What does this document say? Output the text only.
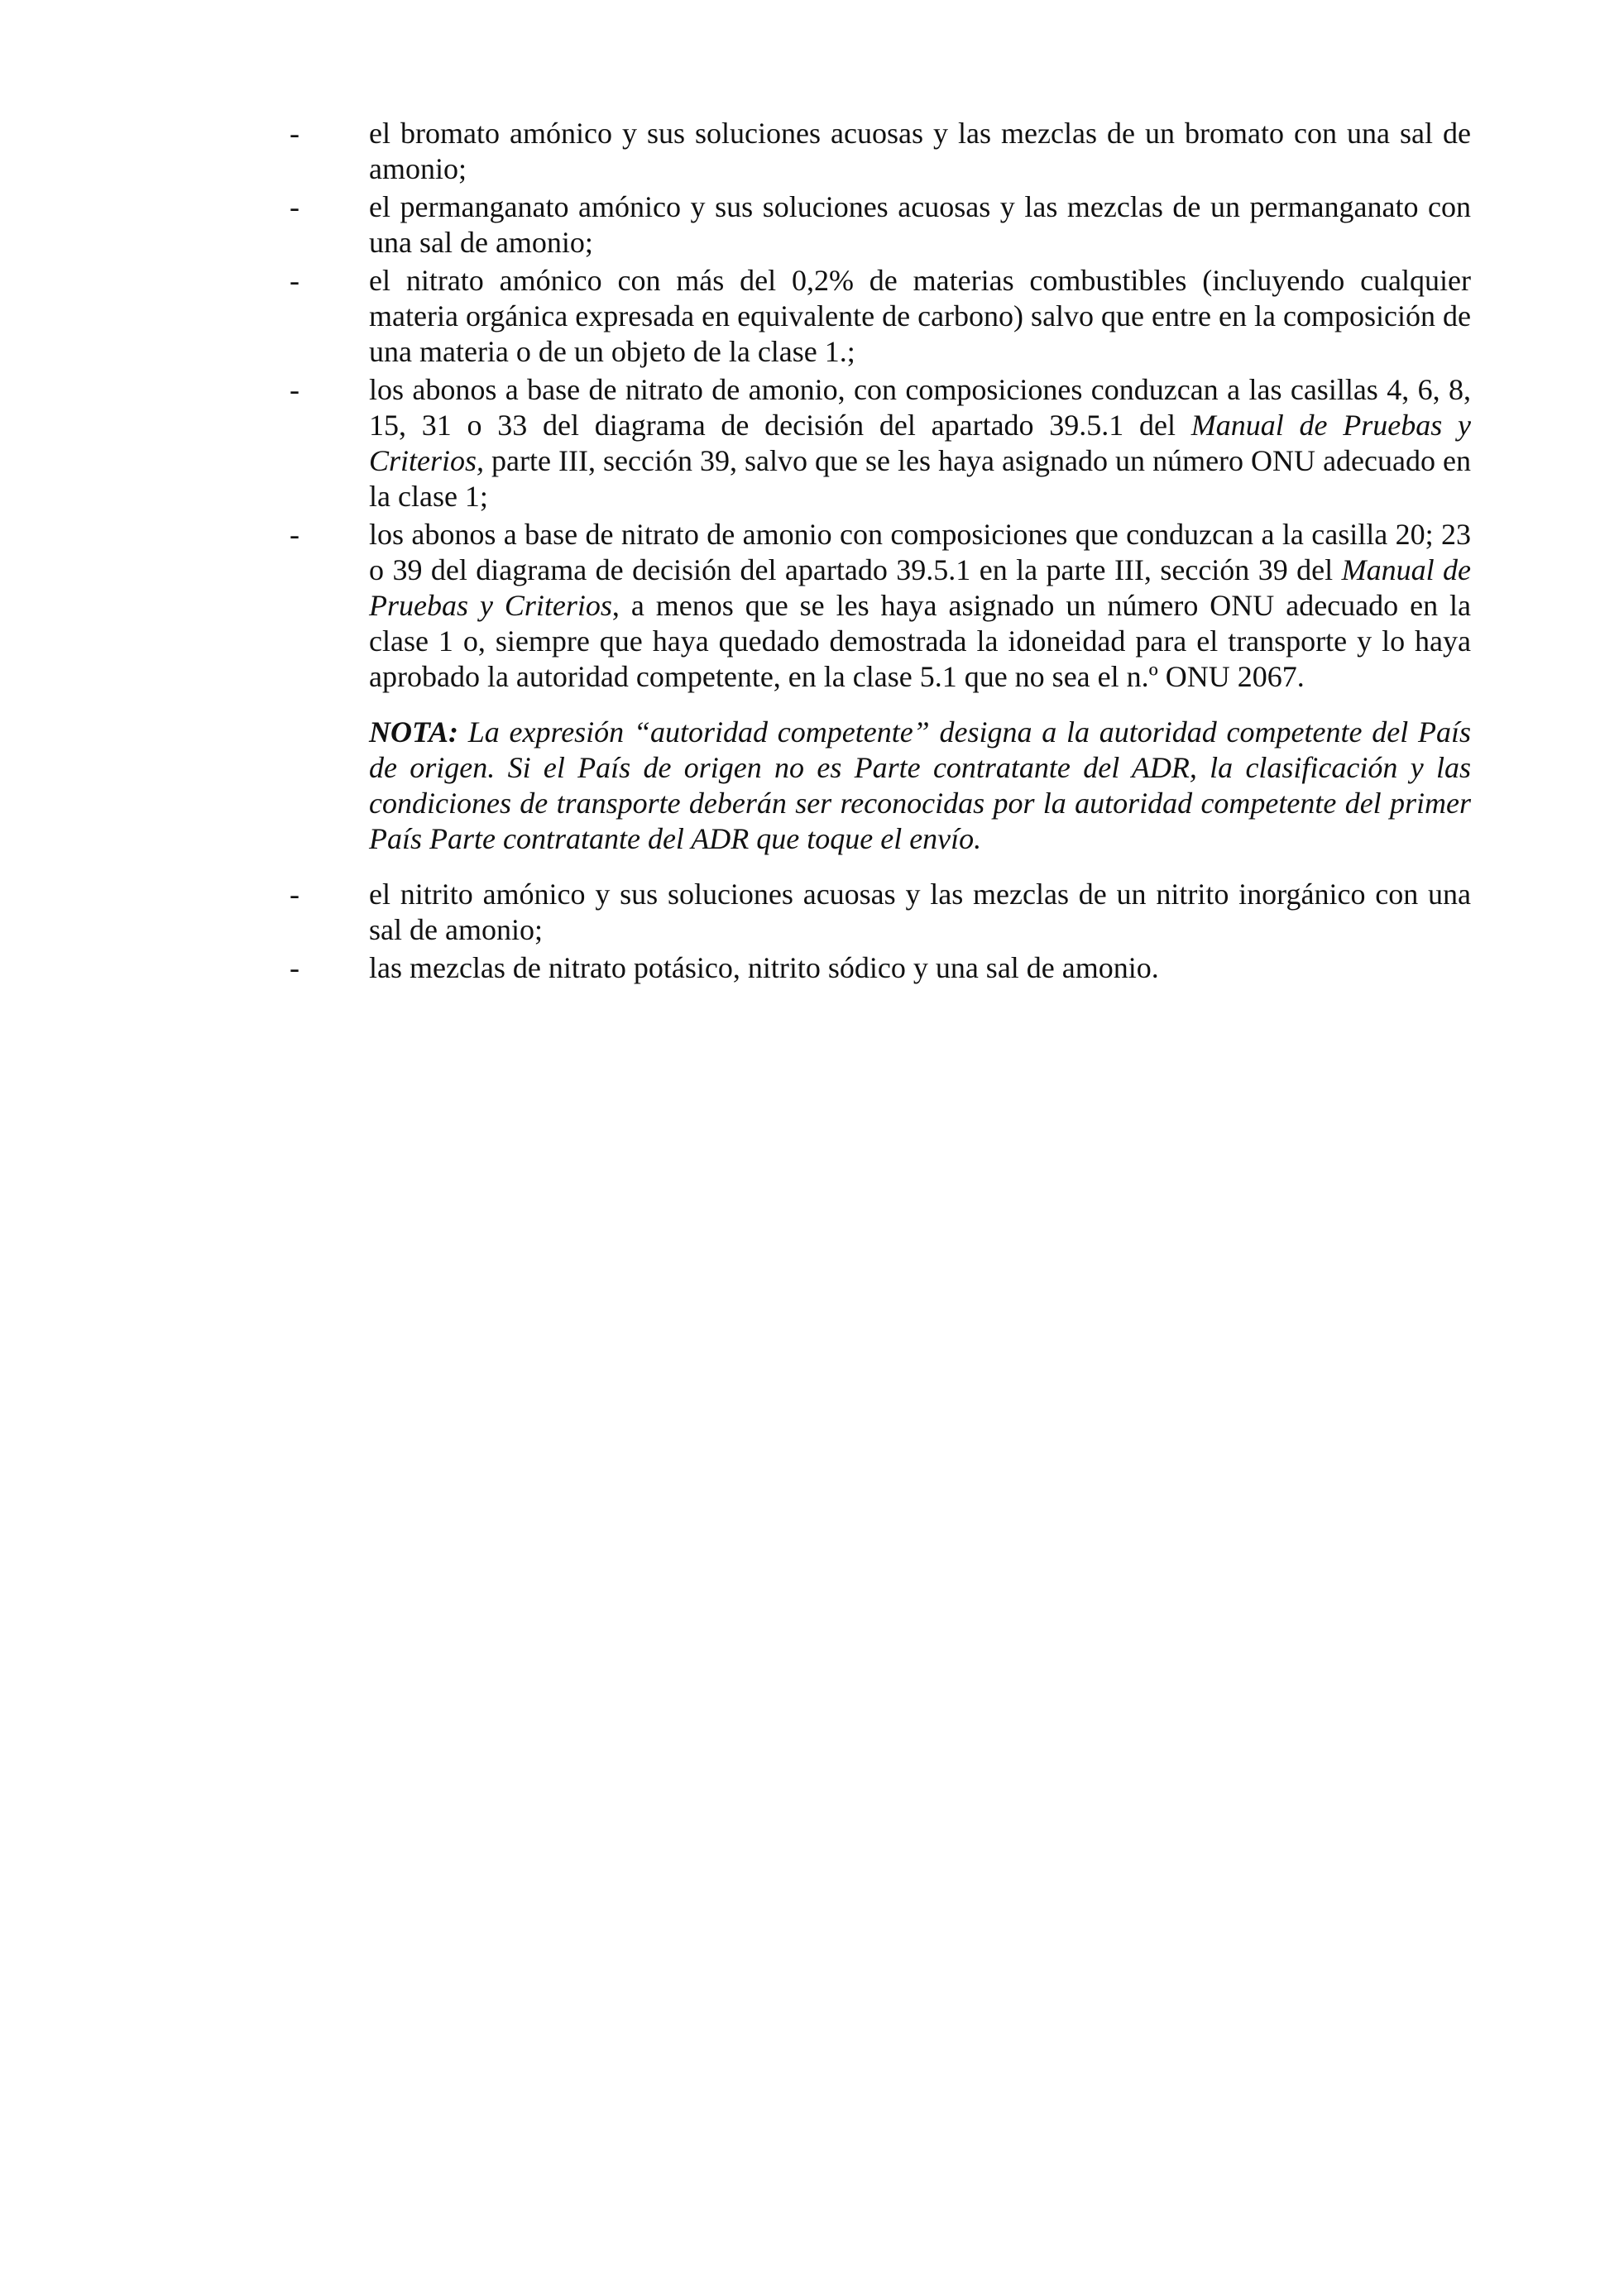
- el bromato amónico y sus soluciones acuosas y las mezclas de un bromato con una sal de amonio;
- el permanganato amónico y sus soluciones acuosas y las mezclas de un permanganato con una sal de amonio;
- el nitrato amónico con más del 0,2% de materias combustibles (incluyendo cualquier materia orgánica expresada en equivalente de carbono) salvo que entre en la composición de una materia o de un objeto de la clase 1.;
- los abonos a base de nitrato de amonio, con composiciones conduzcan a las casillas 4, 6, 8, 15, 31 o 33 del diagrama de decisión del apartado 39.5.1 del Manual de Pruebas y Criterios, parte III, sección 39, salvo que se les haya asignado un número ONU adecuado en la clase 1;
- los abonos a base de nitrato de amonio con composiciones que conduzcan a la casilla 20; 23 o 39 del diagrama de decisión del apartado 39.5.1 en la parte III, sección 39 del Manual de Pruebas y Criterios, a menos que se les haya asignado un número ONU adecuado en la clase 1 o, siempre que haya quedado demostrada la idoneidad para el transporte y lo haya aprobado la autoridad competente, en la clase 5.1 que no sea el n.º ONU 2067.
NOTA: La expresión “autoridad competente” designa a la autoridad competente del País de origen. Si el País de origen no es Parte contratante del ADR, la clasificación y las condiciones de transporte deberán ser reconocidas por la autoridad competente del primer País Parte contratante del ADR que toque el envío.
- el nitrito amónico y sus soluciones acuosas y las mezclas de un nitrito inorgánico con una sal de amonio;
- las mezclas de nitrato potásico, nitrito sódico y una sal de amonio.
